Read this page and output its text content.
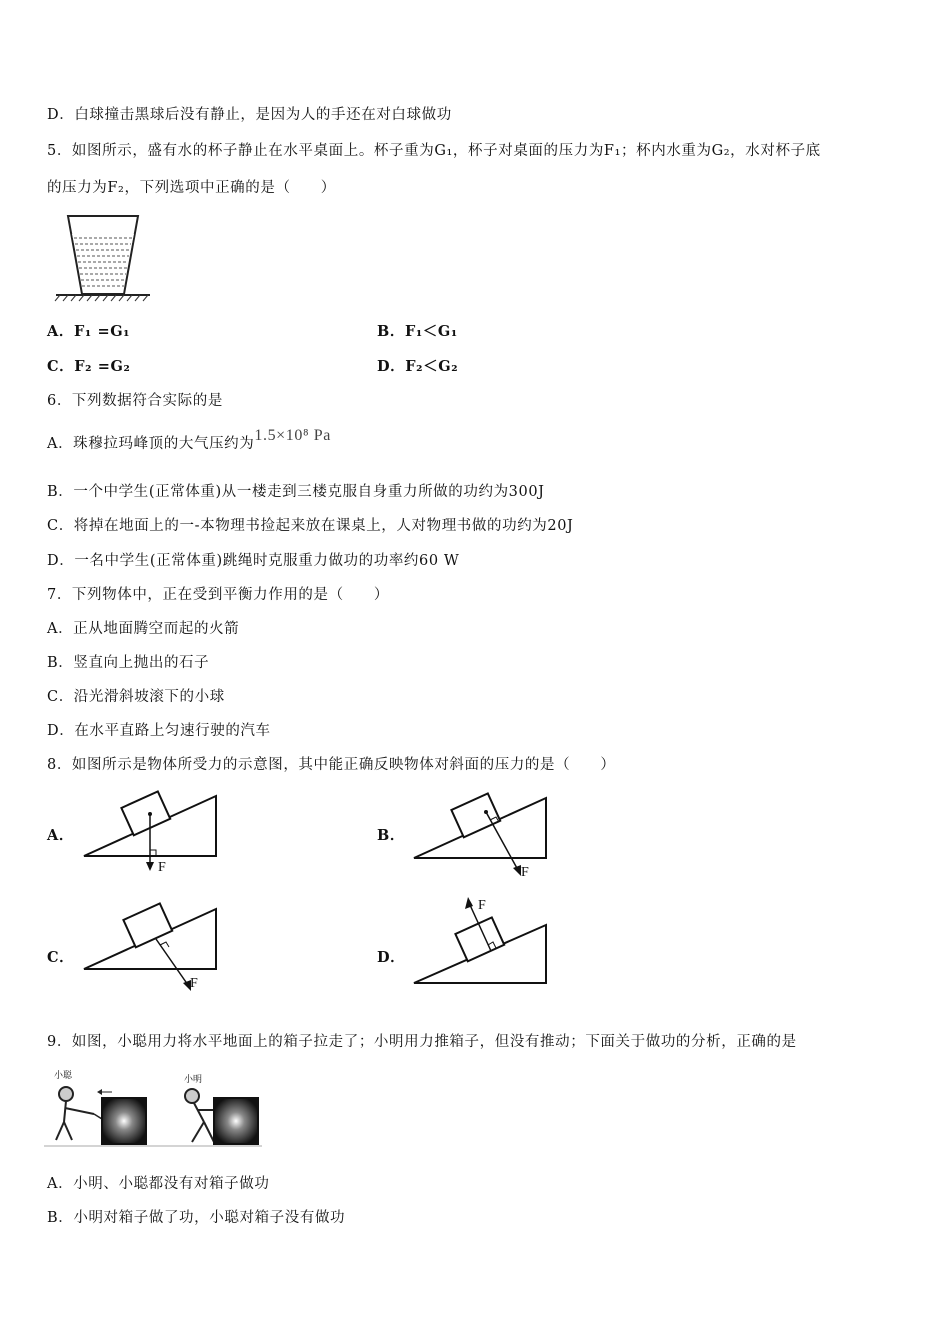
D．白球撞击黑球后没有静止，是因为人的手还在对白球做功
5．如图所示，盛有水的杯子静止在水平桌面上。杯子重为G₁，杯子对桌面的压力为F₁；杯内水重为G₂，水对杯子底
的压力为F₂，下列选项中正确的是（　　）
A．F₁ =G₁	B．F₁＜G₁
C．F₂ =G₂	D．F₂＜G₂
6．下列数据符合实际的是
A．珠穆拉玛峰顶的大气压约为1.5×10⁸ Pa
B．一个中学生(正常体重)从一楼走到三楼克服自身重力所做的功约为300J
C．将掉在地面上的一-本物理书捡起来放在课桌上，人对物理书做的功约为20J
D．一名中学生(正常体重)跳绳时克服重力做功的功率约60 W
7．下列物体中，正在受到平衡力作用的是（　　）
A．正从地面腾空而起的火箭
B．竖直向上抛出的石子
C．沿光滑斜坡滚下的小球
D．在水平直路上匀速行驶的汽车
8．如图所示是物体所受力的示意图，其中能正确反映物体对斜面的压力的是（　　）
A．
F
B．
F
C．
F
D．
F
9．如图，小聪用力将水平地面上的箱子拉走了；小明用力推箱子，但没有推动；下面关于做功的分析，正确的是
小聪	小明
A．小明、小聪都没有对箱子做功
B．小明对箱子做了功，小聪对箱子没有做功
